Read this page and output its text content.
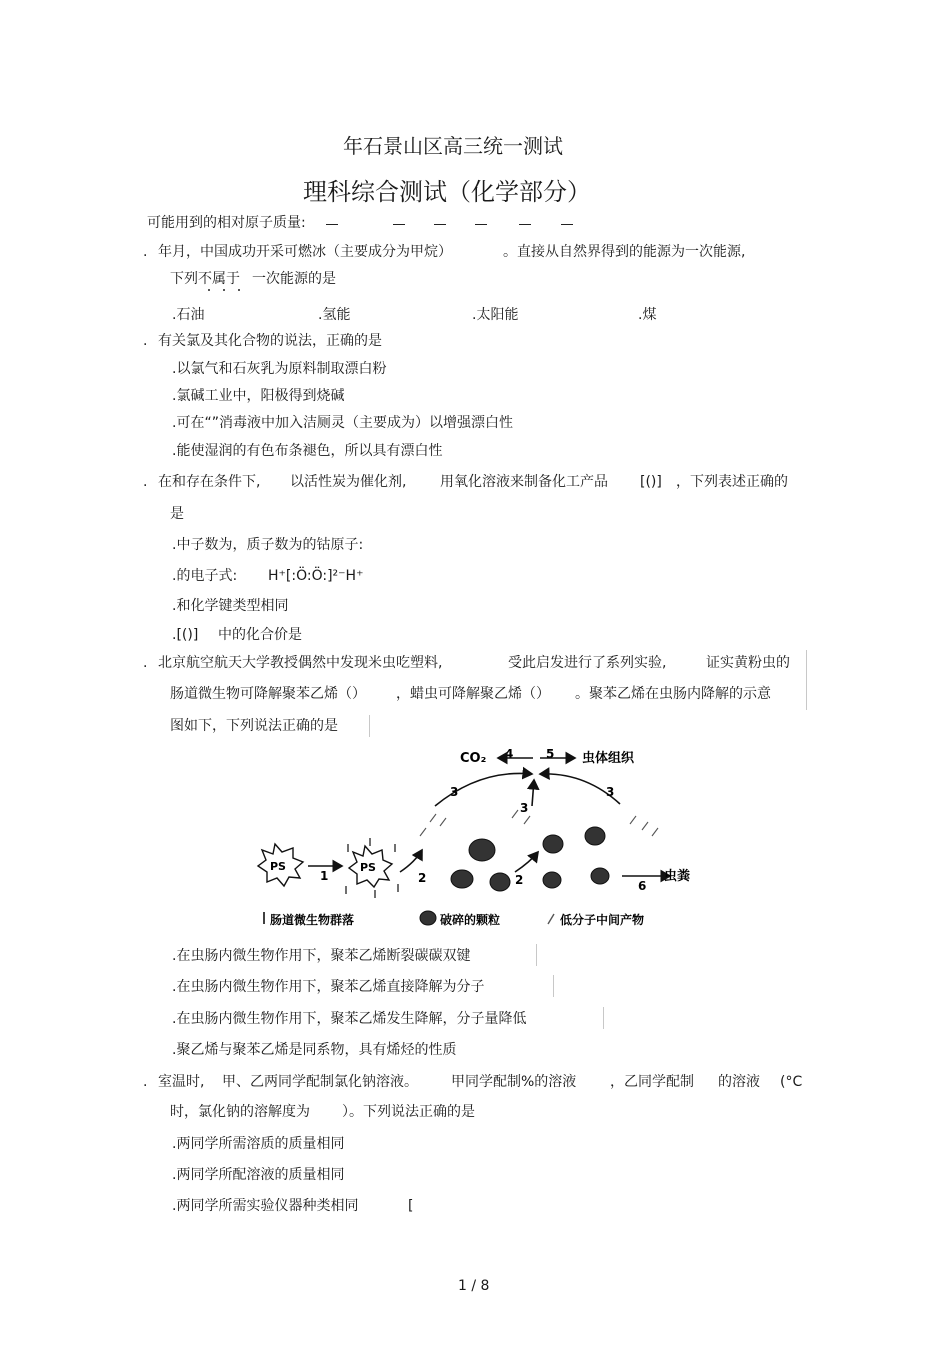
年石景山区高三统一测试
理科综合测试（化学部分）
可能用到的相对原子质量:
. 年月，中国成功开采可燃冰（主要成分为甲烷）	。直接从自然界得到的能源为一次能源,
下列不属于 一次能源的是
.石油	.氢能	.太阳能	.煤
. 有关氯及其化合物的说法，正确的是
.以氯气和石灰乳为原料制取漂白粉
.氯碱工业中，阳极得到烧碱
.可在“”消毒液中加入洁厕灵（主要成为）以增强漂白性
.能使湿润的有色布条褪色，所以具有漂白性
. 在和存在条件下, 以活性炭为催化剂, 用氧化溶液来制备化工产品 [()] ，下列表述正确的
是
.中子数为，质子数为的钴原子:
.的电子式: H⁺[:Ö:Ö:]²⁻H⁺
.和化学键类型相同
.[()] 中的化合价是
. 北京航空航天大学教授偶然中发现米虫吃塑料,	受此启发进行了系列实验,	证实黄粉虫的
肠道微生物可降解聚苯乙烯（） ，蜡虫可降解聚乙烯（） 。聚苯乙烯在虫肠内降解的示意
图如下，下列说法正确的是
CO₂ 4	5 虫体组织
3
3
3
PS
1
PS
2	2	6
虫粪
肠道微生物群落	破碎的颗粒	低分子中间产物
.在虫肠内微生物作用下，聚苯乙烯断裂碳碳双键
.在虫肠内微生物作用下，聚苯乙烯直接降解为分子
.在虫肠内微生物作用下，聚苯乙烯发生降解，分子量降低
.聚乙烯与聚苯乙烯是同系物，具有烯烃的性质
. 室温时, 甲、乙两同学配制氯化钠溶液。 甲同学配制%的溶液 ，乙同学配制 的溶液 (°C
时，氯化钠的溶解度为 ）。下列说法正确的是
.两同学所需溶质的质量相同
.两同学所配溶液的质量相同
.两同学所需实验仪器种类相同	[
1 / 8
